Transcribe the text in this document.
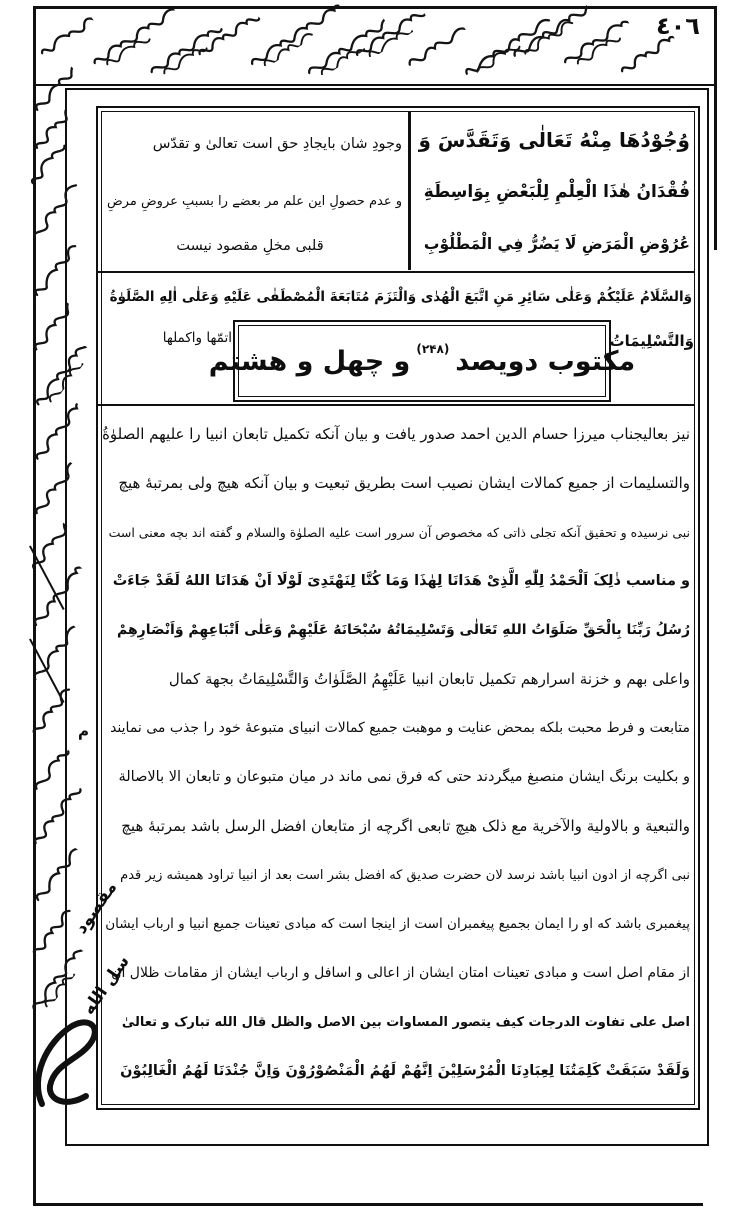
٤٠٦
م
مقصود
سل الله
وُجُوْدُهَا مِنْهُ تَعَالٰى وَتَقَدَّسَ وَ
فُقْدَانُ هٰذَا الْعِلْمِ لِلْبَعْضِ بِوَاسِطَةِ
عُرُوْضِ الْمَرَضِ لَا يَضُرُّ فِي الْمَطْلُوْبِ
وجودِ شان بایجادِ حق است تعالیٰ و تقدّس
و عدم حصولِ این علم مر بعضے را بسببِ عروضِ مرضِ
قلبی مخلِ مقصود نیست
وَالسَّلَامُ عَلَيْكُمْ وَعَلٰى سَائِرِ مَنِ اتَّبَعَ الْهُدٰى وَالْتَزَمَ مُتَابَعَةَ الْمُصْطَفٰى عَلَيْهِ وَعَلٰى اٰلِهِ الصَّلَوٰةُ
وَالتَّسْلِيمَاتُ
اتمّها واکملها
مکتوب دویصد
(۲۴۸)
و چهل و هشتم
نیز بعالیجناب میرزا حسام الدین احمد صدور یافت و بیان آنکه تکمیل تابعان انبیا را علیهم الصلوٰةُ
والتسلیمات از جمیع کمالات ایشان نصیب است بطریق تبعیت و بیان آنکه هیچ ولی بمرتبهٔ هیچ
نبی نرسیده و تحقیق آنکه تجلی ذاتی که مخصوص آن سرور است علیه الصلوٰة والسلام و گفته اند بچه معنی است
و مناسب ذٰلِکَ اَلْحَمْدُ لِلّٰهِ الَّذِیْ هَدَانَا لِهٰذَا وَمَا کُنَّا لِنَهْتَدِیَ لَوْلَا اَنْ هَدَانَا اللهُ لَقَدْ جَاءَتْ
رُسُلُ رَبِّنَا بِالْحَقِّ صَلَوَاتُ اللهِ تَعَالٰی وَتَسْلِیمَاتُهُ سُبْحَانَهُ عَلَیْهِمْ وَعَلٰی اَتْبَاعِهِمْ وَاَنْصَارِهِمْ
واعلی بهم و خزنة اسرارهم تکمیل تابعان انبیا عَلَیْهِمُ الصَّلَوٰاتُ وَالتَّسْلِیمَاتُ بجهة کمال
متابعت و فرط محبت بلکه بمحض عنایت و موهبت جمیع کمالات انبیای متبوعهٔ خود را جذب می نمایند
و بکلیت برنگ ایشان منصبغ میگردند حتی که فرق نمی ماند در میان متبوعان و تابعان الا بالاصالة
والتبعیة و بالاولیة والآخریة مع ذلک هیچ تابعی اگرچه از متابعان افضل الرسل باشد بمرتبهٔ هیچ
نبی اگرچه از ادون انبیا باشد نرسد لان حضرت صدیق که افضل بشر است بعد از انبیا تراود همیشه زیر قدم
پیغمبری باشد که او را ایمان بجمیع پیغمبران است از اینجا است که مبادی تعینات جمیع انبیا و ارباب ایشان
از مقام اصل است و مبادی تعینات امتان ایشان از اعالی و اسافل و ارباب ایشان از مقامات ظلال آن
اصل علی تفاوت الدرجات کیف یتصور المساوات بین الاصل والظل قال الله تبارک و تعالیٰ
وَلَقَدْ سَبَقَتْ کَلِمَتُنَا لِعِبَادِنَا الْمُرْسَلِیْنَ اِنَّهُمْ لَهُمُ الْمَنْصُوْرُوْنَ وَاِنَّ جُنْدَنَا لَهُمُ الْغَالِبُوْنَ
